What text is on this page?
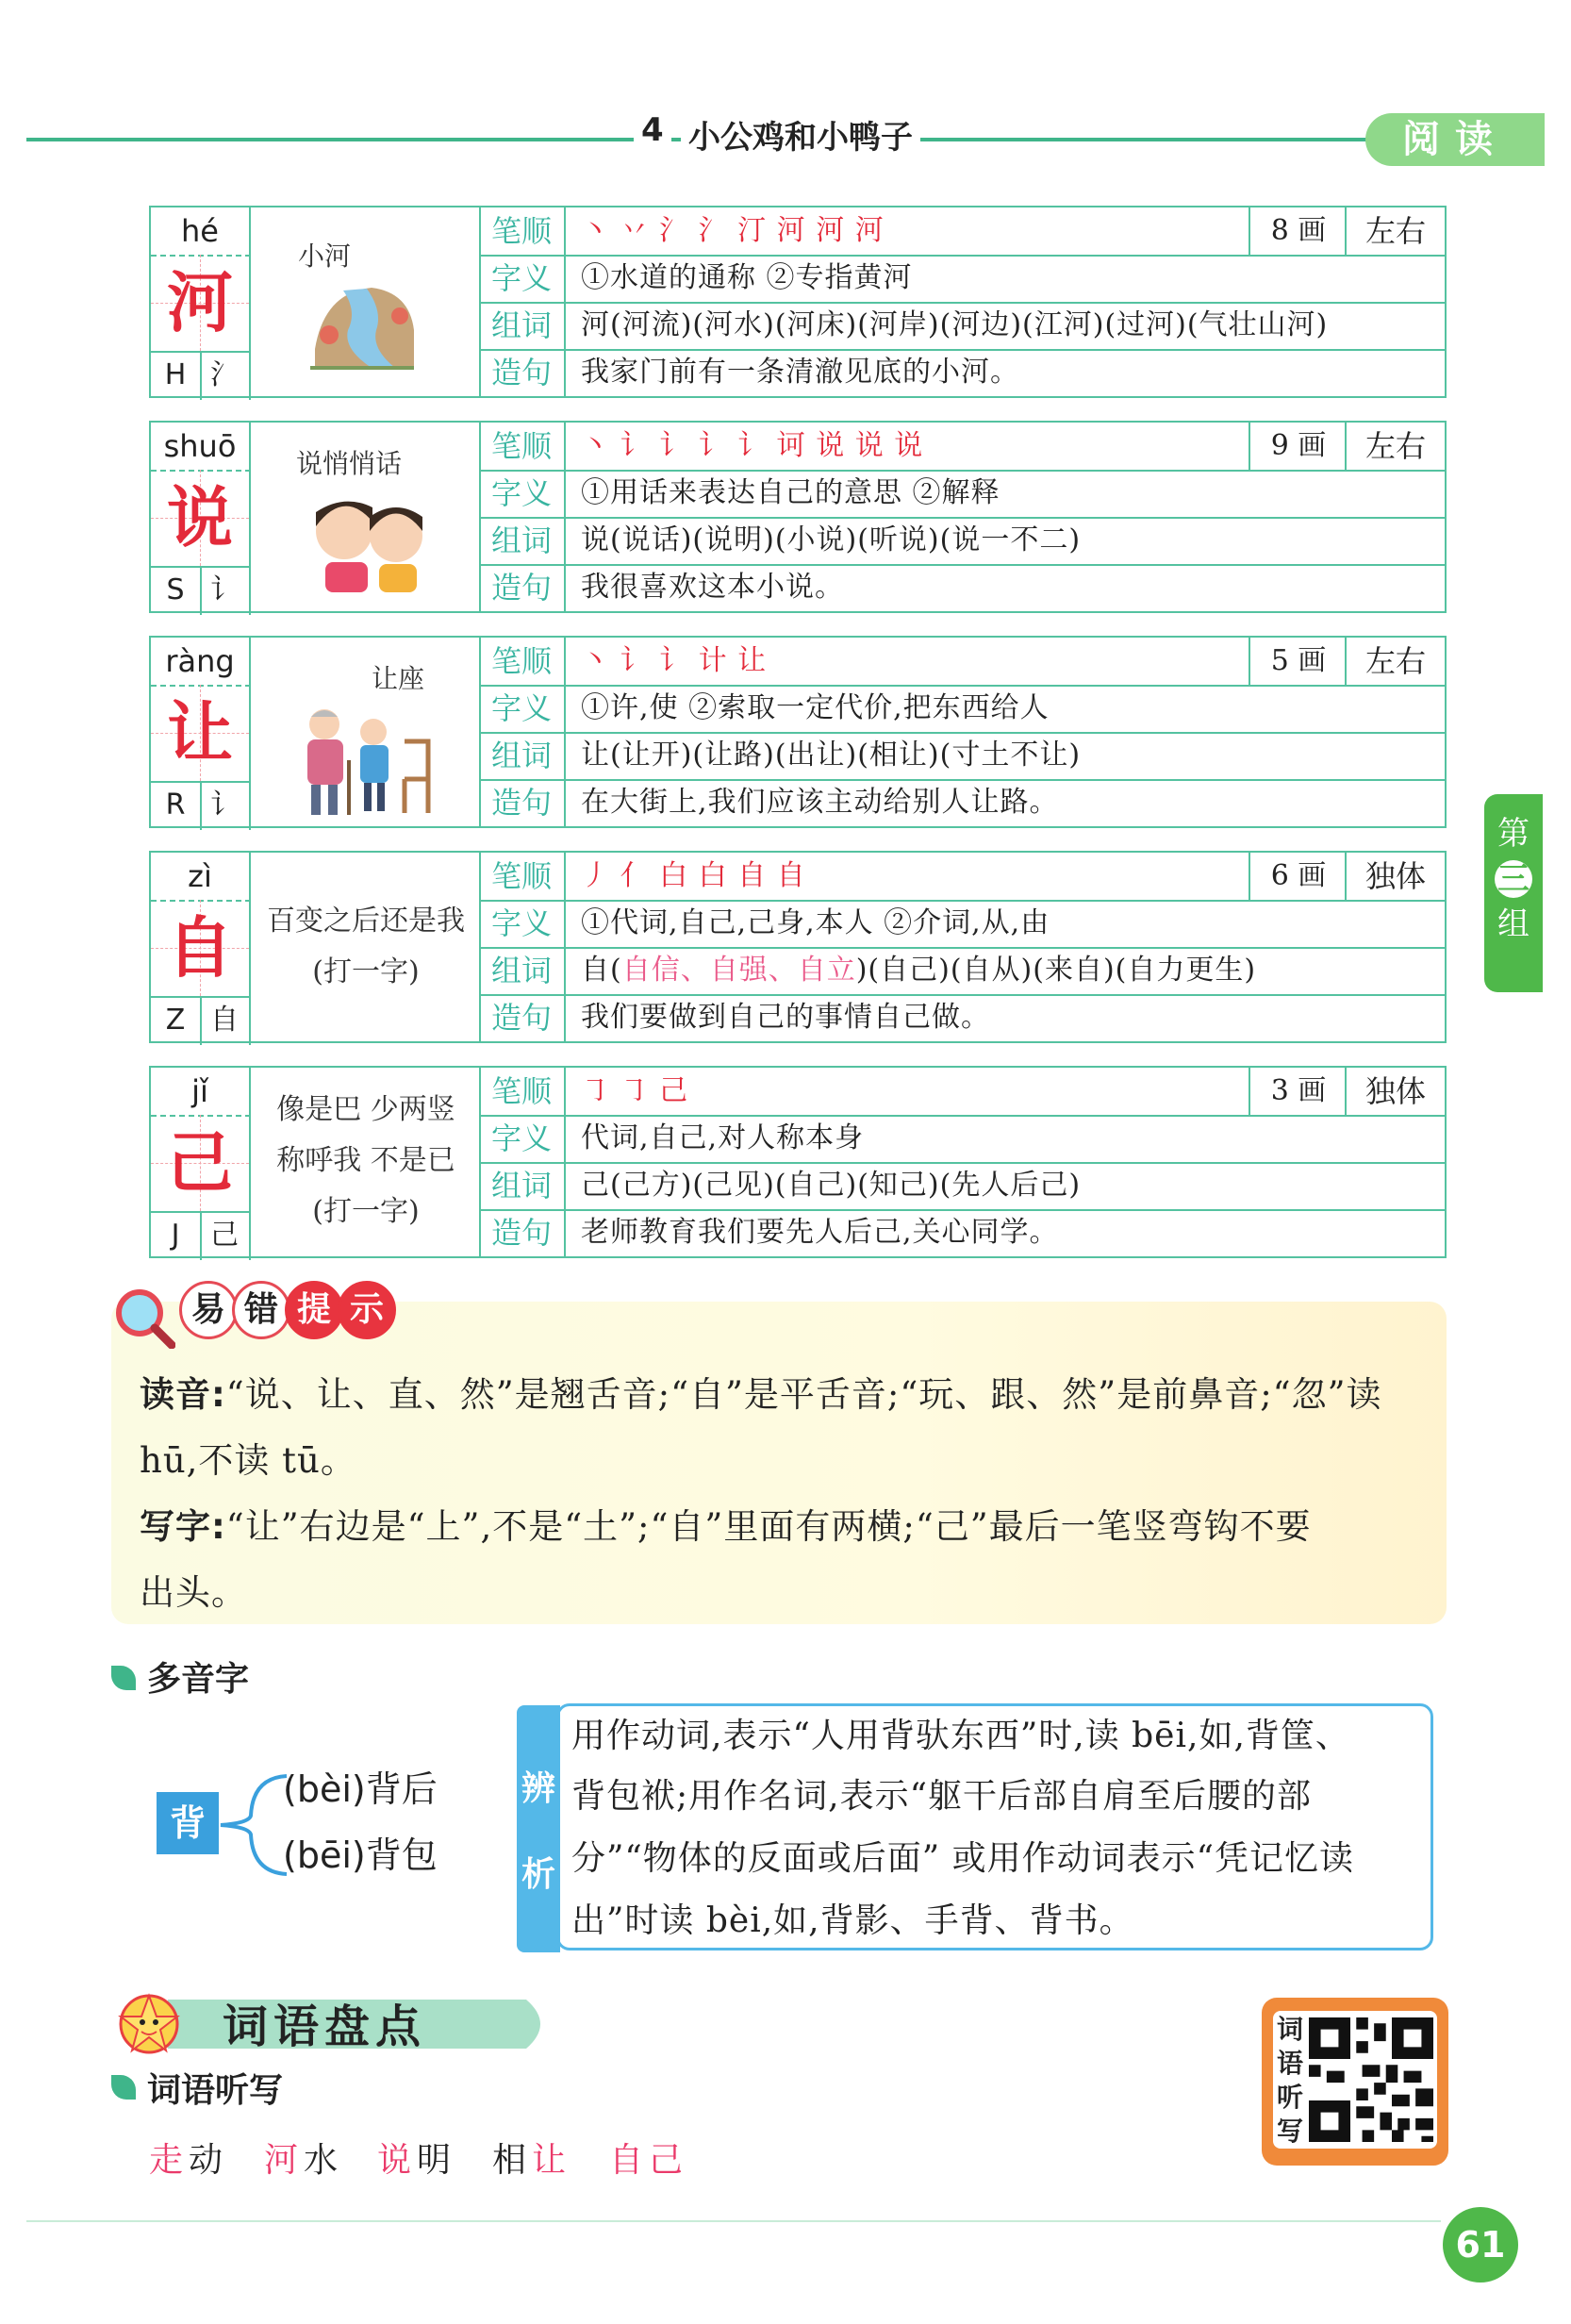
4 小公鸡和小鸭子	阅读
第
三
组
hé
河
H 氵
小河
笔顺	丶 丷 氵 氵 汀 河 河 河	8 画	左右
字义	①水道的通称 ②专指黄河
组词	河(河流)(河水)(河床)(河岸)(河边)(江河)(过河)(气壮山河)
造句	我家门前有一条清澈见底的小河。
shuō
说
S 讠
说悄悄话	笔顺	丶 讠 讠 讠 讠 诃 说 说 说	9 画	左右
字义	①用话来表达自己的意思 ②解释
组词	说(说话)(说明)(小说)(听说)(说一不二)
造句	我很喜欢这本小说。
ràng
让
R 讠
让座	笔顺	丶 讠 讠 计 让	5 画	左右
字义	①许,使 ②索取一定代价,把东西给人
组词	让(让开)(让路)(出让)(相让)(寸土不让)
造句	在大街上,我们应该主动给别人让路。
zì
自
Z 自
百变之后还是我
(打一字)
笔顺	丿 亻 白 白 自 自	6 画	独体
字义	①代词,自己,己身,本人 ②介词,从,由
组词	自(自信、自强、自立)(自己)(自从)(来自)(自力更生)
造句	我们要做到自己的事情自己做。
jǐ
己
J	己
像是巴 少两竖
称呼我 不是已
(打一字)
笔顺	㇆ ㇆ 己	3 画	独体
字义	代词,自己,对人称本身
组词	己(己方)(己见)(自己)(知己)(先人后己)
造句	老师教育我们要先人后己,关心同学。
易 错 提 示
读音:“说、让、直、然”是翘舌音;“自”是平舌音;“玩、跟、然”是前鼻音;“忽”读
hū,不读 tū。
写字:“让”右边是“上”,不是“土”;“自”里面有两横;“己”最后一笔竖弯钩不要
出头。
多音字
背
(bèi)背后
(bēi)背包
辨
析
用作动词,表示“人用背驮东西”时,读 bēi,如,背筐、
背包袱;用作名词,表示“躯干后部自肩至后腰的部
分”“物体的反面或后面” 或用作动词表示“凭记忆读
出”时读 bèi,如,背影、手背、背书。
词语盘点
词语听写
走动 河水 说明 相让 自己
词
语
听
写
61
